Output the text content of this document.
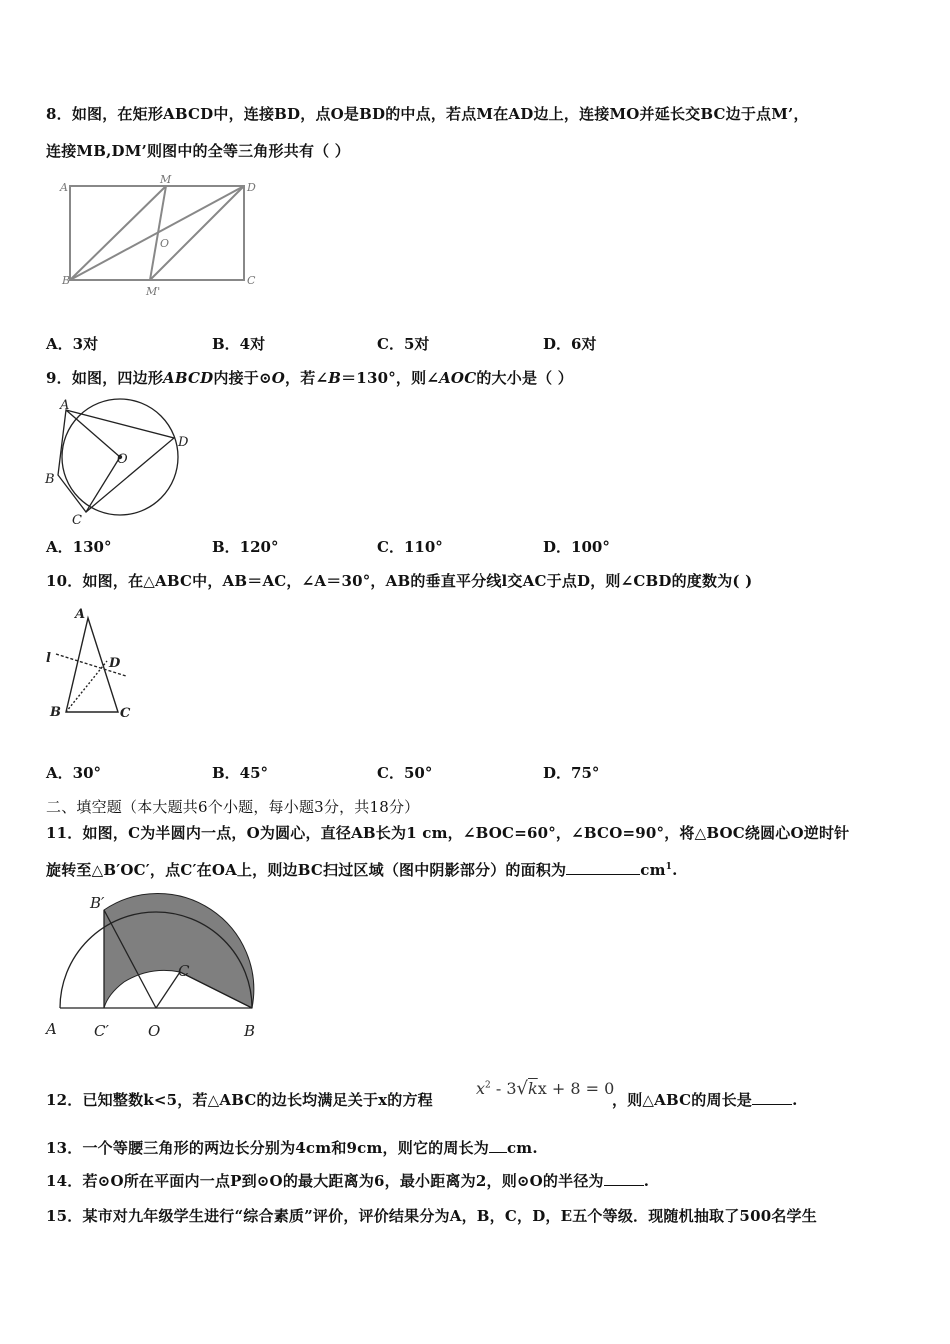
8．如图，在矩形ABCD中，连接BD，点O是BD的中点，若点M在AD边上，连接MO并延长交BC边于点M’，
连接MB,DM’则图中的全等三角形共有（ ）
A
M
D
O
B
M'
C
A．3对	B．4对	C．5对	D．6对
9．如图，四边形ABCD内接于⊙O，若∠B＝130°，则∠AOC的大小是（ ）
A
D
O
B
C
A．130°	B．120°	C．110°	D．100°
10．如图，在△ABC中，AB＝AC，∠A＝30°，AB的垂直平分线l交AC于点D，则∠CBD的度数为( )
A
l	D
B	C
A．30°	B．45°	C．50°	D．75°
二、填空题（本大题共6个小题，每小题3分，共18分）
11．如图，C为半圆内一点，O为圆心，直径AB长为1 cm，∠BOC=60°，∠BCO=90°，将△BOC绕圆心O逆时针
旋转至△B′OC′，点C′在OA上，则边BC扫过区域（图中阴影部分）的面积为	$cm^1$.
B′
C
A C′	O	B
12．已知整数k<5，若△ABC的边长均满足关于x的方程
$x^2 - 3√kx + 8 = 0$
，则△ABC的周长是	.
13．一个等腰三角形的两边长分别为4cm和9cm，则它的周长为 cm.
14．若⊙O所在平面内一点P到⊙O的最大距离为6，最小距离为2，则⊙O的半径为	.
15．某市对九年级学生进行“综合素质”评价，评价结果分为A，B，C，D，E五个等级．现随机抽取了500名学生
